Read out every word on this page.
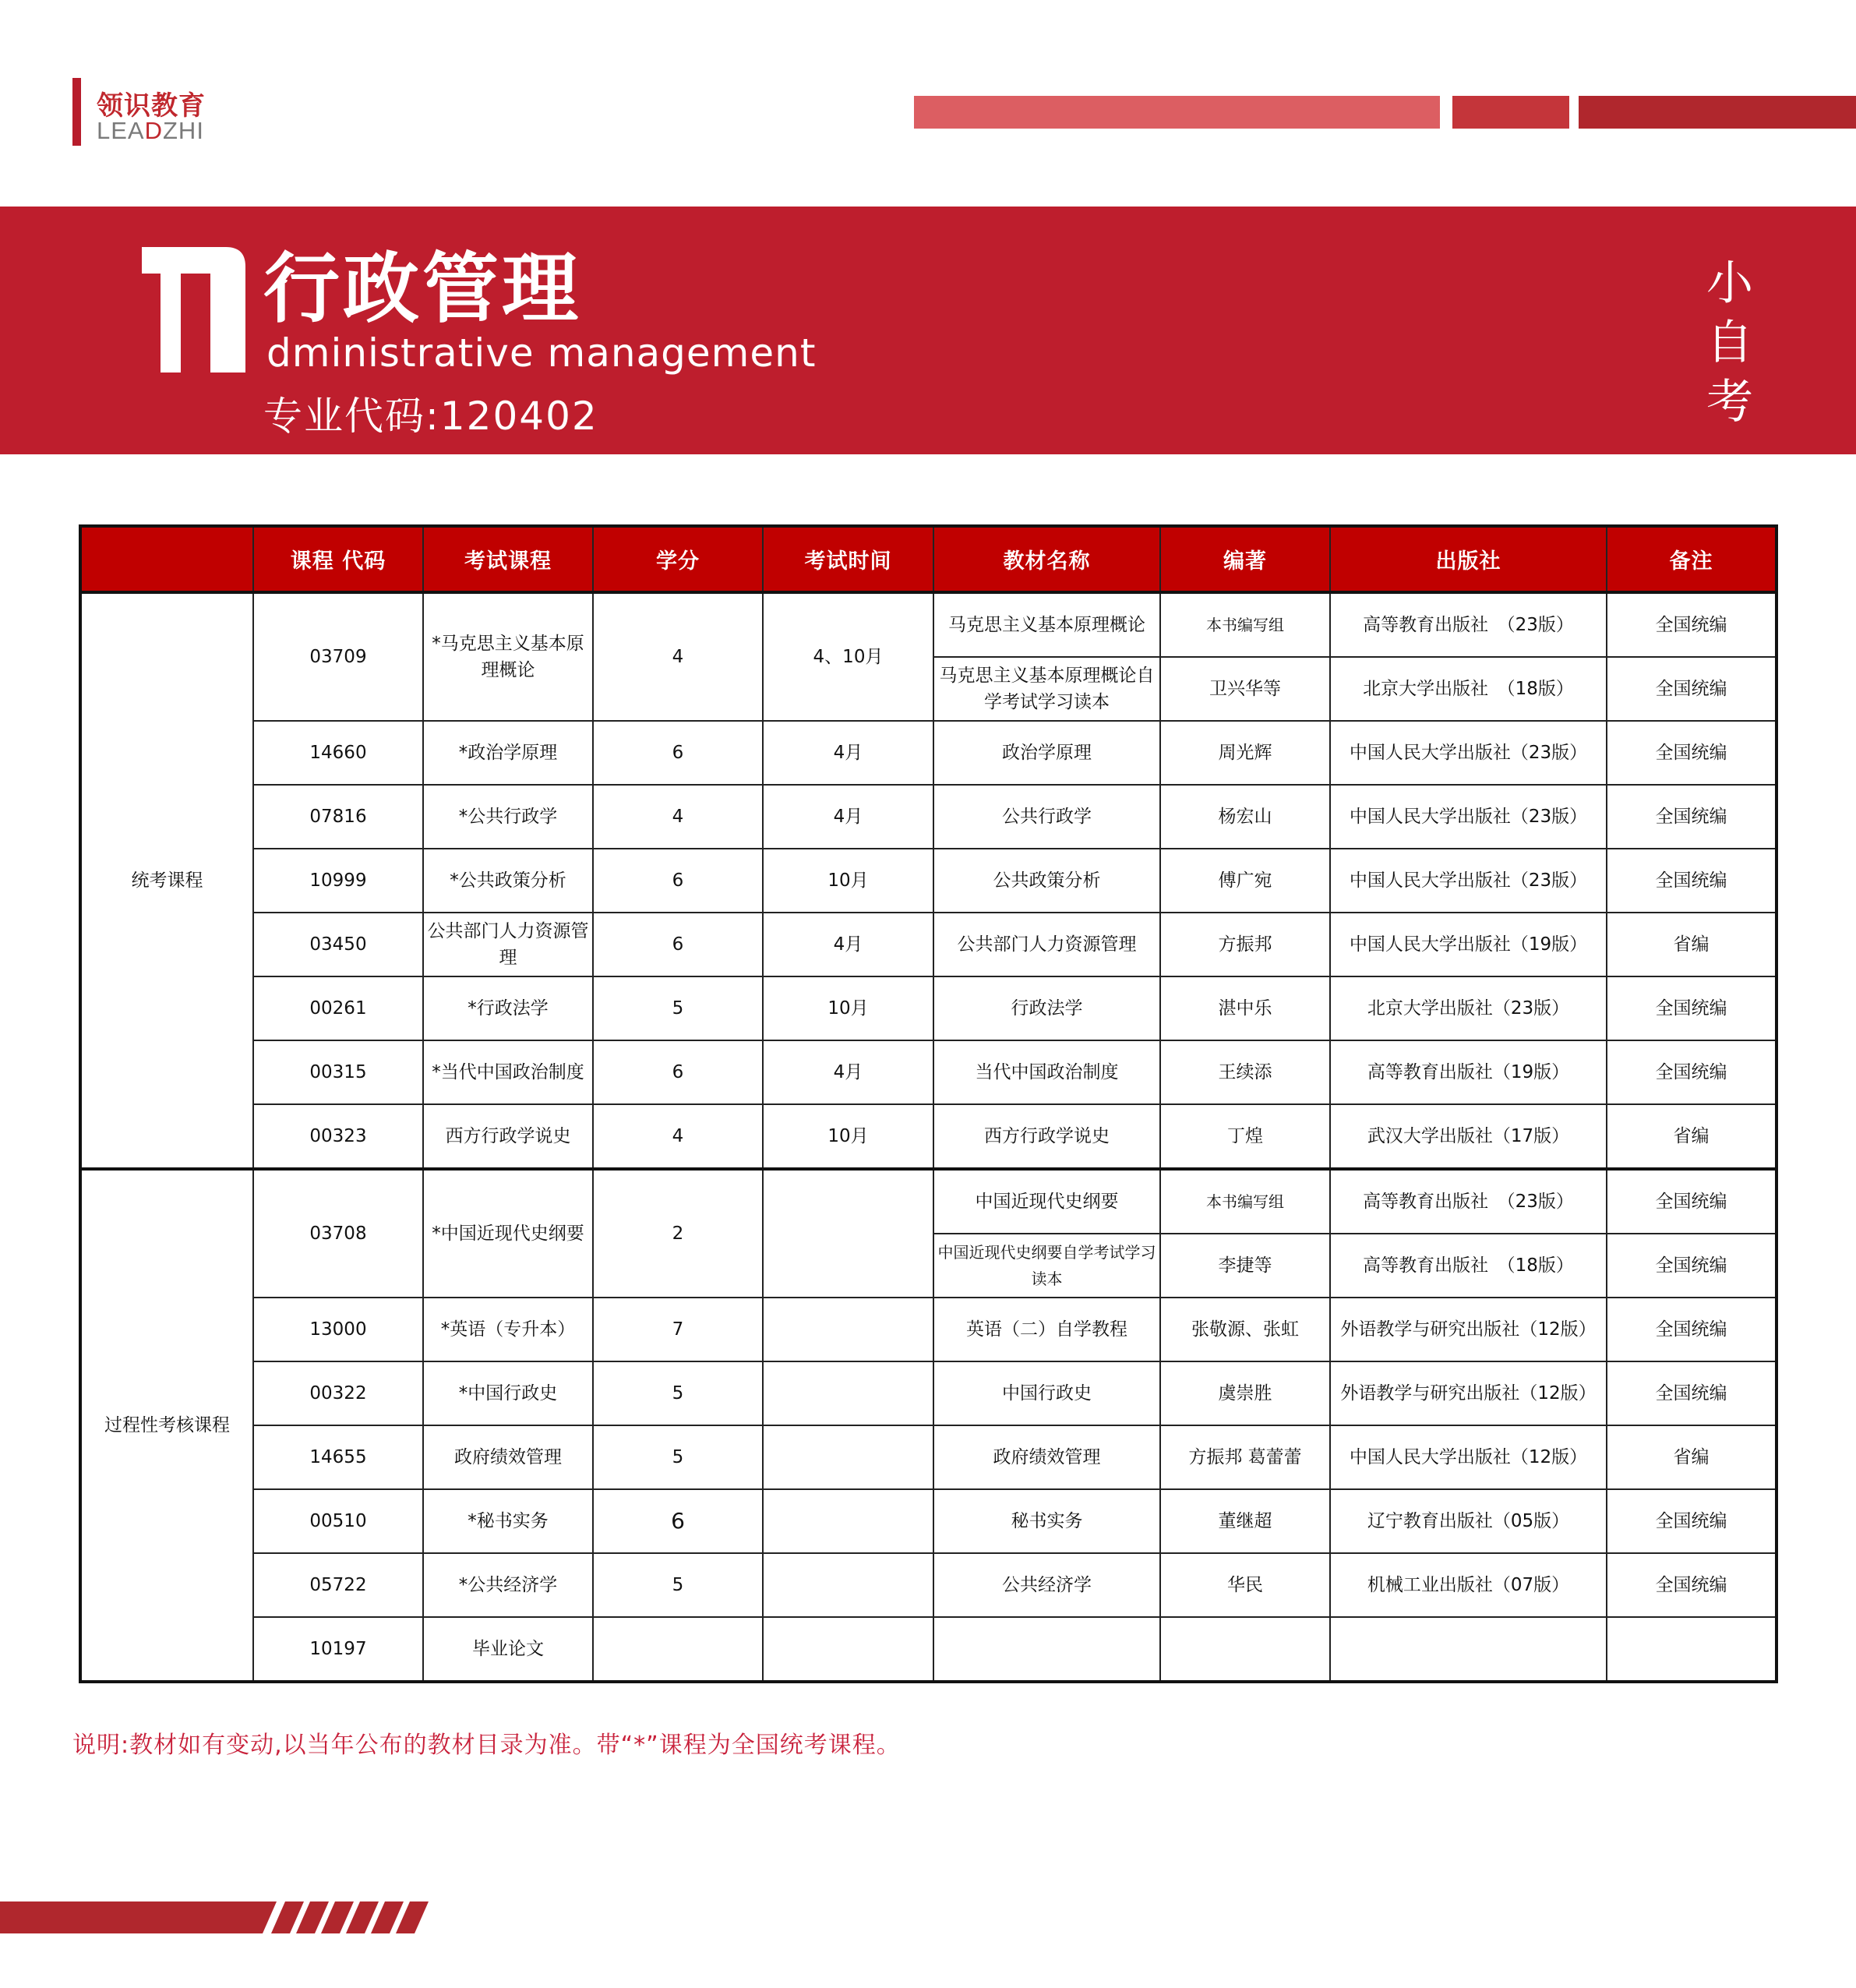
领识教育
LEADZHI
行政管理
dministrative management
专业代码:120402
小
自
考
	课程 代码	考试课程	学分	考试时间	教材名称	编著	出版社	备注
统考课程	03709	*马克思主义基本原理概论	4	4、10月	马克思主义基本原理概论	本书编写组	高等教育出版社　（23版）	全国统编
					马克思主义基本原理概论自学考试学习读本	卫兴华等	北京大学出版社　（18版）	全国统编
	14660	*政治学原理	6	4月	政治学原理	周光辉	中国人民大学出版社（23版）	全国统编
	07816	*公共行政学	4	4月	公共行政学	杨宏山	中国人民大学出版社（23版）	全国统编
	10999	*公共政策分析	6	10月	公共政策分析	傅广宛	中国人民大学出版社（23版）	全国统编
	03450	公共部门人力资源管理	6	4月	公共部门人力资源管理	方振邦	中国人民大学出版社（19版）	省编
	00261	*行政法学	5	10月	行政法学	湛中乐	北京大学出版社（23版）	全国统编
	00315	*当代中国政治制度	6	4月	当代中国政治制度	王续添	高等教育出版社（19版）	全国统编
	00323	西方行政学说史	4	10月	西方行政学说史	丁煌	武汉大学出版社（17版）	省编
过程性考核课程	03708	*中国近现代史纲要	2		中国近现代史纲要	本书编写组	高等教育出版社　（23版）	全国统编
					中国近现代史纲要自学考试学习读本	李捷等	高等教育出版社　（18版）	全国统编
	13000	*英语（专升本）	7		英语（二）自学教程	张敬源、张虹	外语教学与研究出版社（12版）	全国统编
	00322	*中国行政史	5		中国行政史	虞崇胜	外语教学与研究出版社（12版）	全国统编
	14655	政府绩效管理	5		政府绩效管理	方振邦 葛蕾蕾	中国人民大学出版社（12版）	省编
	00510	*秘书实务	6		秘书实务	董继超	辽宁教育出版社（05版）	全国统编
	05722	*公共经济学	5		公共经济学	华民	机械工业出版社（07版）	全国统编
	10197	毕业论文						
说明:教材如有变动,以当年公布的教材目录为准。带“*”课程为全国统考课程。
